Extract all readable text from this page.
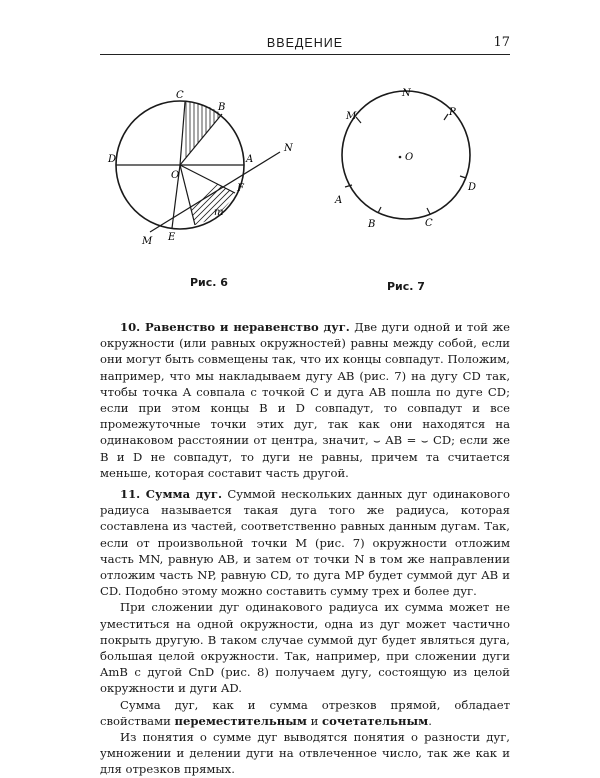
ВВЕДЕНИЕ	17
C
B
D
O
A
N
F
m
E
M
Рис. 6
N
M	P
O
A
D
B	C
Рис. 7

10. Равенство и неравенство дуг. Две дуги одной и той же окружности (или равных окружностей) равны между собой, если они могут быть совмещены так, что их концы совпадут. Положим, например, что мы накладываем дугу AB (рис. 7) на дугу CD так, чтобы точка A совпала с точкой C и дуга AB пошла по дуге CD; если при этом концы B и D совпадут, то совпадут и все промежуточные точки этих дуг, так как они находятся на одинаковом расстоянии от центра, значит, ⌣ AB = ⌣ CD; если же B и D не совпадут, то дуги не равны, причем та считается меньше, которая составит часть другой.

11. Сумма дуг. Суммой нескольких данных дуг одинакового радиуса называется такая дуга того же радиуса, которая составлена из частей, соответственно равных данным дугам. Так, если от произвольной точки M (рис. 7) окружности отложим часть MN, равную AB, и затем от точки N в том же направлении отложим часть NP, равную CD, то дуга MP будет суммой дуг AB и CD. Подобно этому можно составить сумму трех и более дуг.

При сложении дуг одинакового радиуса их сумма может не уместиться на одной окружности, одна из дуг может частично покрыть другую. В таком случае суммой дуг будет являться дуга, большая целой окружности. Так, например, при сложении дуги AmB с дугой CnD (рис. 8) получаем дугу, состоящую из целой окружности и дуги AD.

Сумма дуг, как и сумма отрезков прямой, обладает свойствами переместительным и сочетательным.

Из понятия о сумме дуг выводятся понятия о разности дуг, умножении и делении дуги на отвлеченное число, так же как и для отрезков прямых.
